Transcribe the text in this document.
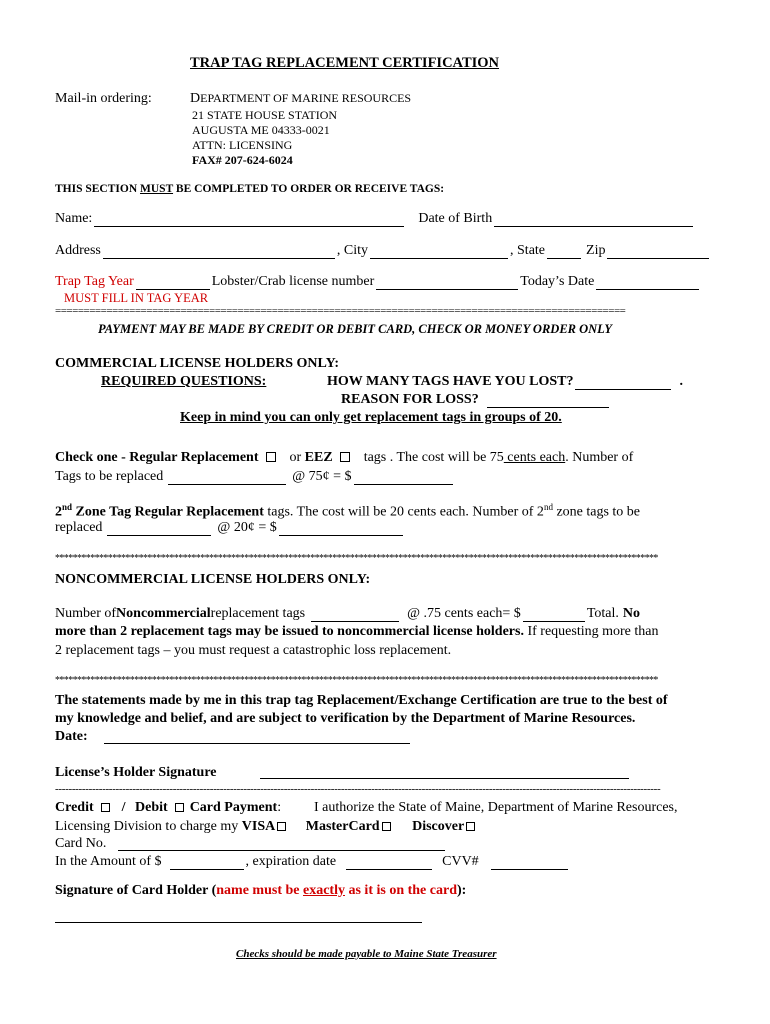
TRAP TAG REPLACEMENT CERTIFICATION
Mail-in ordering:	DEPARTMENT OF MARINE RESOURCES
21 STATE HOUSE STATION
AUGUSTA ME 04333-0021
ATTN: LICENSING
FAX# 207-624-6024
THIS SECTION MUST BE COMPLETED TO ORDER OR RECEIVE TAGS:
Name:	Date of Birth
Address	, City	, State	Zip
Trap Tag Year	Lobster/Crab license number	Today’s Date
MUST FILL IN TAG YEAR
====================================================================================================
PAYMENT MAY BE MADE BY CREDIT OR DEBIT CARD, CHECK OR MONEY ORDER ONLY
COMMERCIAL LICENSE HOLDERS ONLY:
REQUIRED QUESTIONS:	HOW MANY TAGS HAVE YOU LOST?	.
REASON FOR LOSS?
Keep in mind you can only get replacement tags in groups of 20.
Check one - Regular Replacement or EEZ tags . The cost will be 75 cents each. Number of
Tags to be replaced	@ 75¢ = $
2nd Zone Tag Regular Replacement tags. The cost will be 20 cents each. Number of 2nd zone tags to be
replaced	@ 20¢ = $
*****************************************************************************************************************************************
NONCOMMERCIAL LICENSE HOLDERS ONLY:
Number of Noncommercial replacement tags	@ .75 cents each= $	Total. No
more than 2 replacement tags may be issued to noncommercial license holders. If requesting more than
2 replacement tags – you must request a catastrophic loss replacement.
*****************************************************************************************************************************************
The statements made by me in this trap tag Replacement/Exchange Certification are true to the best of
my knowledge and belief, and are subject to verification by the Department of Marine Resources.
Date:
License’s Holder Signature
------------------------------------------------------------------------------------------------------------------------------------------------------------------------------------
Credit / Debit Card Payment: I authorize the State of Maine, Department of Marine Resources,
Licensing Division to charge my VISA MasterCard Discover
Card No.
In the Amount of $	, expiration date	CVV#
Signature of Card Holder (name must be exactly as it is on the card):
Checks should be made payable to Maine State Treasurer
